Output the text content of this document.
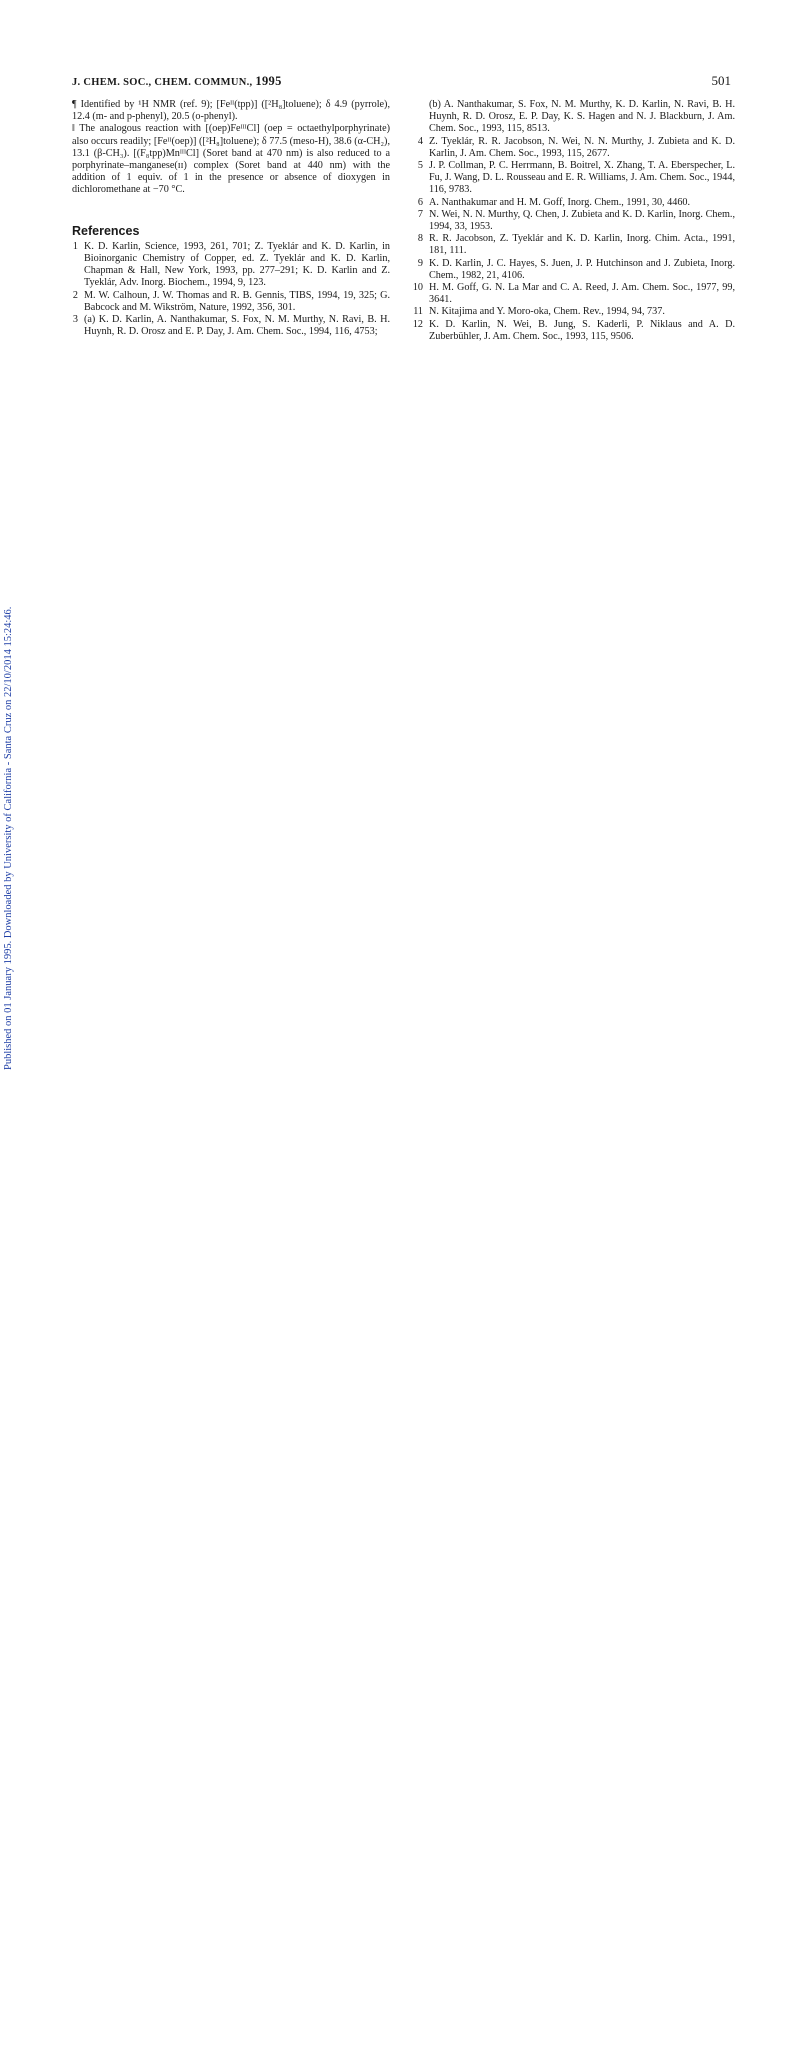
Published on 01 January 1995. Downloaded by University of California - Santa Cruz on 22/10/2014 15:24:46.
J. CHEM. SOC., CHEM. COMMUN., 1995	501

¶ Identified by ¹H NMR (ref. 9); [Feᴵᴵ(tpp)] ([²H₈]toluene); δ 4.9 (pyrrole), 12.4 (m- and p-phenyl), 20.5 (o-phenyl).

‖ The analogous reaction with [(oep)FeᴵᴵᴵCl] (oep = octaethylporphyrinate) also occurs readily; [Feᴵᴵ(oep)] ([²H₈]toluene); δ 77.5 (meso-H), 38.6 (α-CH₂), 13.1 (β-CH₃). [(F₈tpp)MnᴵᴵᴵCl] (Soret band at 470 nm) is also reduced to a porphyrinate–manganese(ɪɪ) complex (Soret band at 440 nm) with the addition of 1 equiv. of 1 in the presence or absence of dioxygen in dichloromethane at −70 °C.

References

1 K. D. Karlin, Science, 1993, 261, 701; Z. Tyeklár and K. D. Karlin, in Bioinorganic Chemistry of Copper, ed. Z. Tyeklár and K. D. Karlin, Chapman & Hall, New York, 1993, pp. 277–291; K. D. Karlin and Z. Tyeklár, Adv. Inorg. Biochem., 1994, 9, 123.

2 M. W. Calhoun, J. W. Thomas and R. B. Gennis, TIBS, 1994, 19, 325; G. Babcock and M. Wikström, Nature, 1992, 356, 301.

3 (a) K. D. Karlin, A. Nanthakumar, S. Fox, N. M. Murthy, N. Ravi, B. H. Huynh, R. D. Orosz and E. P. Day, J. Am. Chem. Soc., 1994, 116, 4753;

(b) A. Nanthakumar, S. Fox, N. M. Murthy, K. D. Karlin, N. Ravi, B. H. Huynh, R. D. Orosz, E. P. Day, K. S. Hagen and N. J. Blackburn, J. Am. Chem. Soc., 1993, 115, 8513.

4 Z. Tyeklár, R. R. Jacobson, N. Wei, N. N. Murthy, J. Zubieta and K. D. Karlin, J. Am. Chem. Soc., 1993, 115, 2677.

5 J. P. Collman, P. C. Herrmann, B. Boitrel, X. Zhang, T. A. Eberspecher, L. Fu, J. Wang, D. L. Rousseau and E. R. Williams, J. Am. Chem. Soc., 1944, 116, 9783.

6 A. Nanthakumar and H. M. Goff, Inorg. Chem., 1991, 30, 4460.

7 N. Wei, N. N. Murthy, Q. Chen, J. Zubieta and K. D. Karlin, Inorg. Chem., 1994, 33, 1953.

8 R. R. Jacobson, Z. Tyeklár and K. D. Karlin, Inorg. Chim. Acta., 1991, 181, 111.

9 K. D. Karlin, J. C. Hayes, S. Juen, J. P. Hutchinson and J. Zubieta, Inorg. Chem., 1982, 21, 4106.

10 H. M. Goff, G. N. La Mar and C. A. Reed, J. Am. Chem. Soc., 1977, 99, 3641.

11 N. Kitajima and Y. Moro-oka, Chem. Rev., 1994, 94, 737.

12 K. D. Karlin, N. Wei, B. Jung, S. Kaderli, P. Niklaus and A. D. Zuberbühler, J. Am. Chem. Soc., 1993, 115, 9506.
